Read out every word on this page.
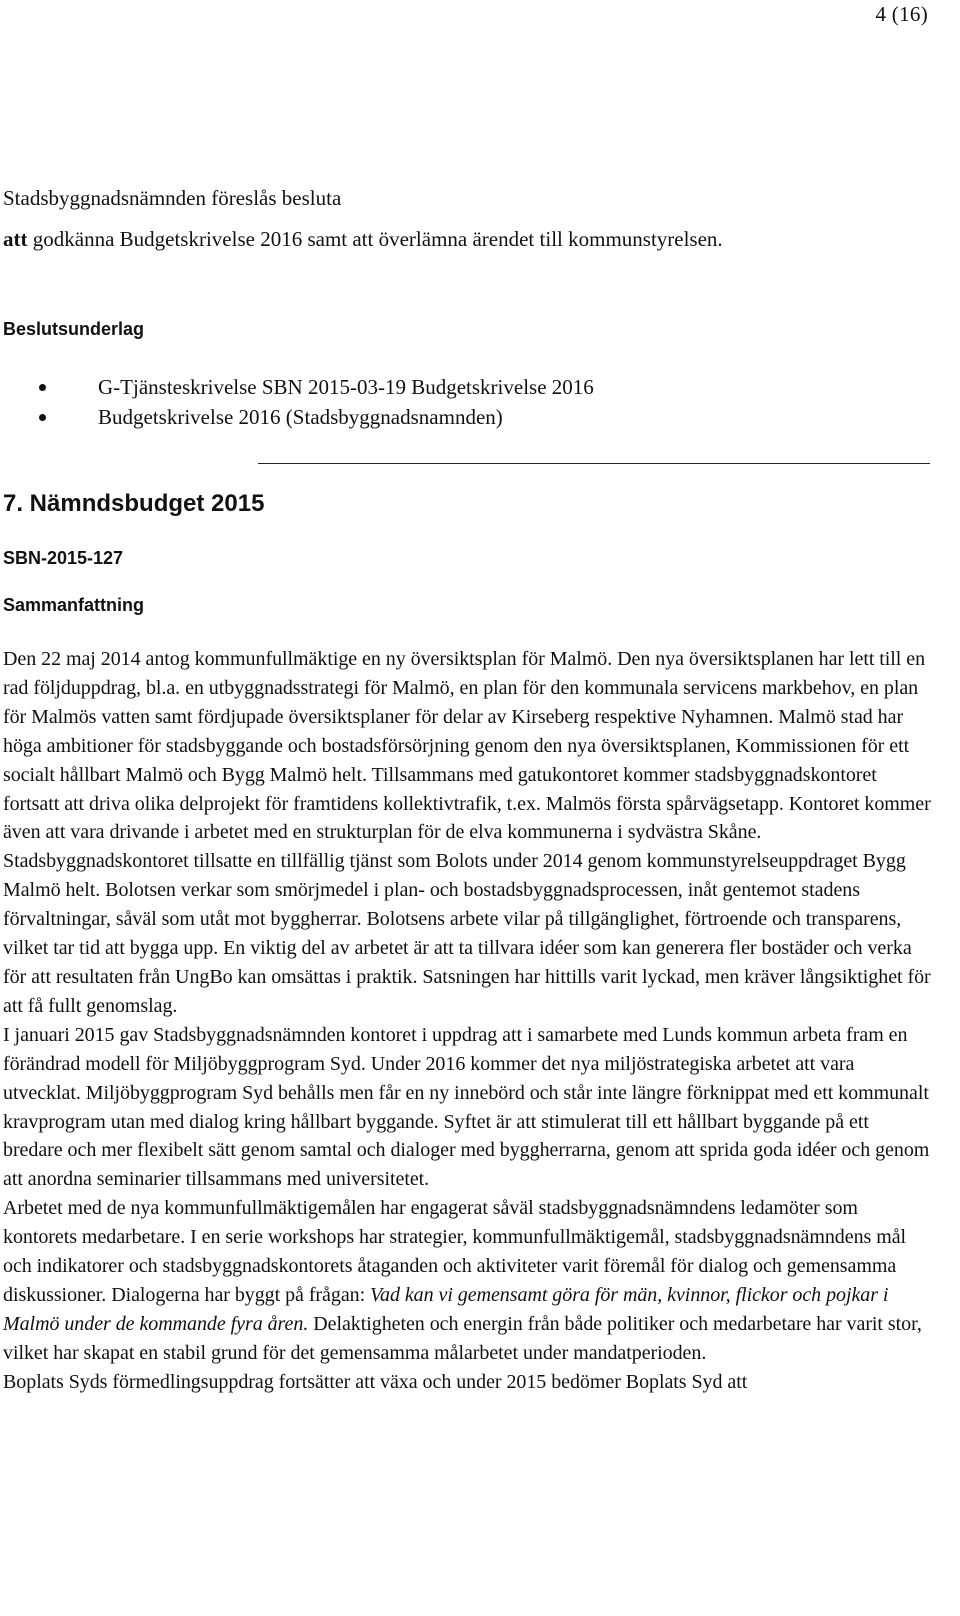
4 (16)

Stadsbyggnadsnämnden föreslås besluta

att godkänna Budgetskrivelse 2016 samt att överlämna ärendet till kommunstyrelsen.

Beslutsunderlag
G-Tjänsteskrivelse SBN 2015-03-19 Budgetskrivelse 2016
Budgetskrivelse 2016 (Stadsbyggnadsnamnden)
7. Nämndsbudget 2015
SBN-2015-127
Sammanfattning

Den 22 maj 2014 antog kommunfullmäktige en ny översiktsplan för Malmö. Den nya översiktsplanen har lett till en rad följduppdrag, bl.a. en utbyggnadsstrategi för Malmö, en plan för den kommunala servicens markbehov, en plan för Malmös vatten samt fördjupade översiktsplaner för delar av Kirseberg respektive Nyhamnen. Malmö stad har höga ambitioner för stadsbyggande och bostadsförsörjning genom den nya översiktsplanen, Kommissionen för ett socialt hållbart Malmö och Bygg Malmö helt. Tillsammans med gatukontoret kommer stadsbyggnadskontoret fortsatt att driva olika delprojekt för framtidens kollektivtrafik, t.ex. Malmös första spårvägsetapp. Kontoret kommer även att vara drivande i arbetet med en strukturplan för de elva kommunerna i sydvästra Skåne.

Stadsbyggnadskontoret tillsatte en tillfällig tjänst som Bolots under 2014 genom kommunstyrelseuppdraget Bygg Malmö helt. Bolotsen verkar som smörjmedel i plan- och bostadsbyggnadsprocessen, inåt gentemot stadens förvaltningar, såväl som utåt mot byggherrar. Bolotsens arbete vilar på tillgänglighet, förtroende och transparens, vilket tar tid att bygga upp. En viktig del av arbetet är att ta tillvara idéer som kan generera fler bostäder och verka för att resultaten från UngBo kan omsättas i praktik. Satsningen har hittills varit lyckad, men kräver långsiktighet för att få fullt genomslag.

I januari 2015 gav Stadsbyggnadsnämnden kontoret i uppdrag att i samarbete med Lunds kommun arbeta fram en förändrad modell för Miljöbyggprogram Syd. Under 2016 kommer det nya miljöstrategiska arbetet att vara utvecklat. Miljöbyggprogram Syd behålls men får en ny innebörd och står inte längre förknippat med ett kommunalt kravprogram utan med dialog kring hållbart byggande. Syftet är att stimulerat till ett hållbart byggande på ett bredare och mer flexibelt sätt genom samtal och dialoger med byggherrarna, genom att sprida goda idéer och genom att anordna seminarier tillsammans med universitetet.

Arbetet med de nya kommunfullmäktigemålen har engagerat såväl stadsbyggnadsnämndens ledamöter som kontorets medarbetare. I en serie workshops har strategier, kommunfullmäktigemål, stadsbyggnadsnämndens mål och indikatorer och stadsbyggnadskontorets åtaganden och aktiviteter varit föremål för dialog och gemensamma diskussioner. Dialogerna har byggt på frågan: Vad kan vi gemensamt göra för män, kvinnor, flickor och pojkar i Malmö under de kommande fyra åren. Delaktigheten och energin från både politiker och medarbetare har varit stor, vilket har skapat en stabil grund för det gemensamma målarbetet under mandatperioden.

Boplats Syds förmedlingsuppdrag fortsätter att växa och under 2015 bedömer Boplats Syd att
